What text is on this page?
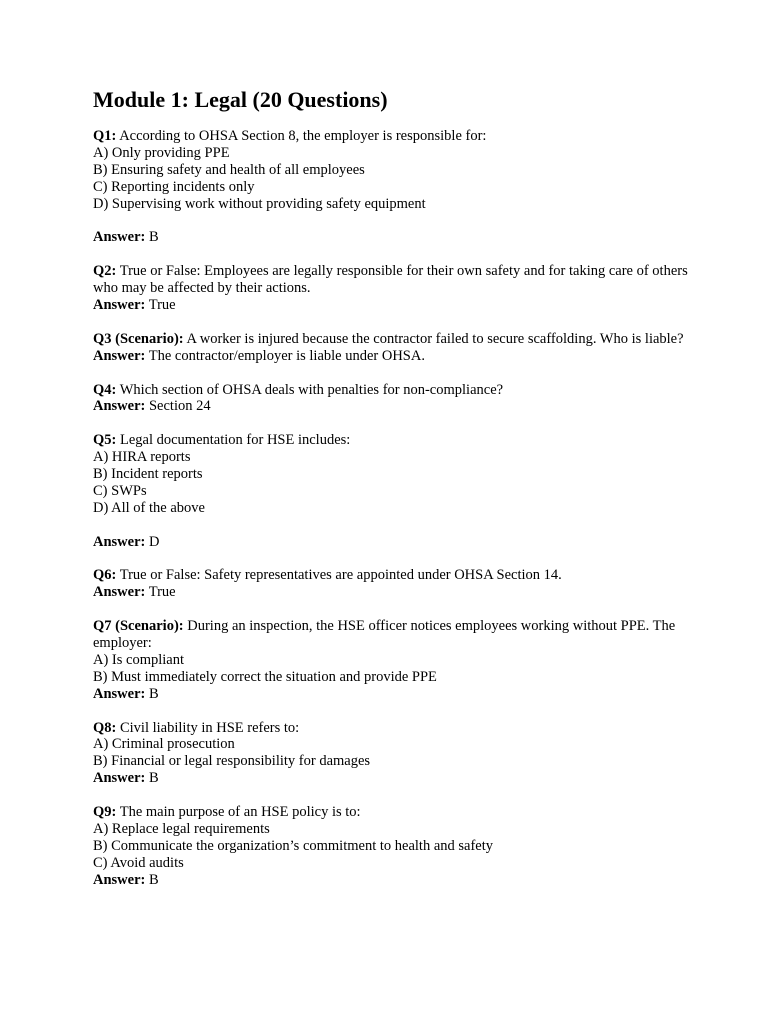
Module 1: Legal (20 Questions)
Q1: According to OHSA Section 8, the employer is responsible for:
A) Only providing PPE
B) Ensuring safety and health of all employees
C) Reporting incidents only
D) Supervising work without providing safety equipment
Answer: B
Q2: True or False: Employees are legally responsible for their own safety and for taking care of others who may be affected by their actions.
Answer: True
Q3 (Scenario): A worker is injured because the contractor failed to secure scaffolding. Who is liable?
Answer: The contractor/employer is liable under OHSA.
Q4: Which section of OHSA deals with penalties for non-compliance?
Answer: Section 24
Q5: Legal documentation for HSE includes:
A) HIRA reports
B) Incident reports
C) SWPs
D) All of the above
Answer: D
Q6: True or False: Safety representatives are appointed under OHSA Section 14.
Answer: True
Q7 (Scenario): During an inspection, the HSE officer notices employees working without PPE. The employer:
A) Is compliant
B) Must immediately correct the situation and provide PPE
Answer: B
Q8: Civil liability in HSE refers to:
A) Criminal prosecution
B) Financial or legal responsibility for damages
Answer: B
Q9: The main purpose of an HSE policy is to:
A) Replace legal requirements
B) Communicate the organization’s commitment to health and safety
C) Avoid audits
Answer: B
